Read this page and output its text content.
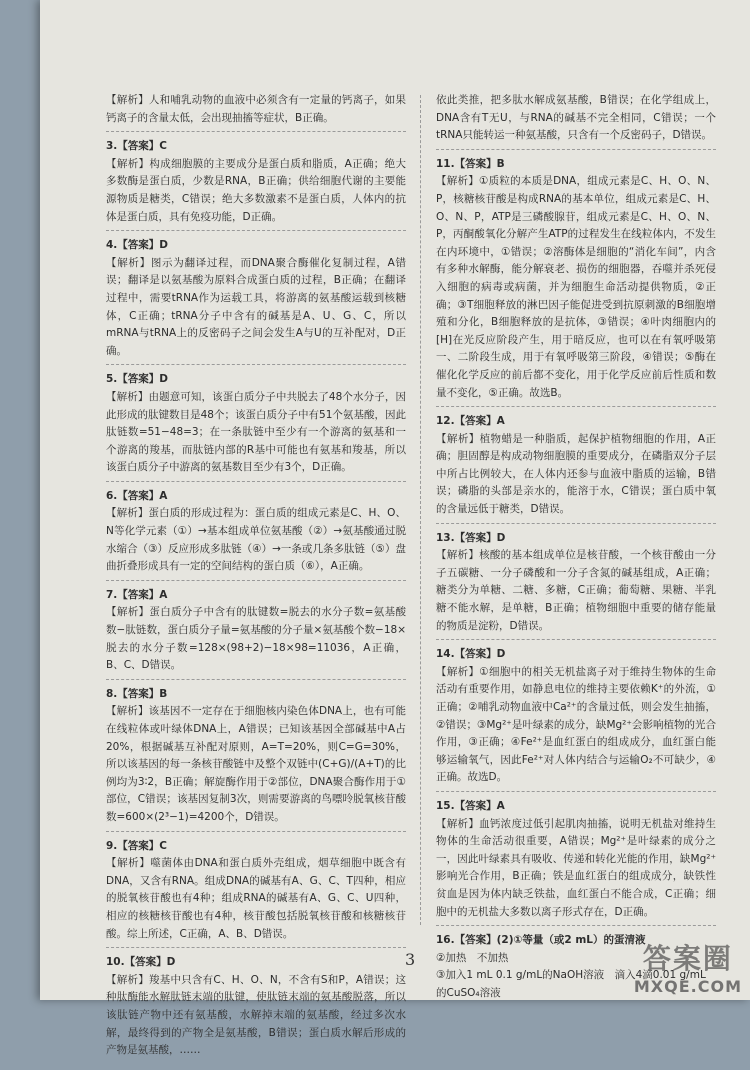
【解析】人和哺乳动物的血液中必须含有一定量的钙离子，如果钙离子的含量太低，会出现抽搐等症状，B正确。
3.【答案】C
【解析】构成细胞膜的主要成分是蛋白质和脂质，A正确；绝大多数酶是蛋白质，少数是RNA，B正确；供给细胞代谢的主要能源物质是糖类，C错误；绝大多数激素不是蛋白质，人体内的抗体是蛋白质，具有免疫功能，D正确。
4.【答案】D
【解析】图示为翻译过程，而DNA聚合酶催化复制过程，A错误；翻译是以氨基酸为原料合成蛋白质的过程，B正确；在翻译过程中，需要tRNA作为运载工具，将游离的氨基酸运载到核糖体，C正确；tRNA分子中含有的碱基是A、U、G、C，所以mRNA与tRNA上的反密码子之间会发生A与U的互补配对，D正确。
5.【答案】D
【解析】由题意可知，该蛋白质分子中共脱去了48个水分子，因此形成的肽键数目是48个；该蛋白质分子中有51个氨基酸，因此肽链数=51−48=3；在一条肽链中至少有一个游离的氨基和一个游离的羧基，而肽链内部的R基中可能也有氨基和羧基，所以该蛋白质分子中游离的氨基数目至少有3个，D正确。
6.【答案】A
【解析】蛋白质的形成过程为：蛋白质的组成元素是C、H、O、N等化学元素（①）→基本组成单位氨基酸（②）→氨基酸通过脱水缩合（③）反应形成多肽链（④）→一条或几条多肽链（⑤）盘曲折叠形成具有一定的空间结构的蛋白质（⑥），A正确。
7.【答案】A
【解析】蛋白质分子中含有的肽键数=脱去的水分子数=氨基酸数−肽链数，蛋白质分子量=氨基酸的分子量×氨基酸个数−18×脱去的水分子数=128×(98+2)−18×98=11036，A正确，B、C、D错误。
8.【答案】B
【解析】该基因不一定存在于细胞核内染色体DNA上，也有可能在线粒体或叶绿体DNA上，A错误；已知该基因全部碱基中A占20%，根据碱基互补配对原则，A=T=20%，则C=G=30%，所以该基因的每一条核苷酸链中及整个双链中(C+G)/(A+T)的比例均为3∶2，B正确；解旋酶作用于②部位，DNA聚合酶作用于①部位，C错误；该基因复制3次，则需要游离的鸟嘌呤脱氧核苷酸数=600×(2³−1)=4200个，D错误。
9.【答案】C
【解析】噬菌体由DNA和蛋白质外壳组成，烟草细胞中既含有DNA，又含有RNA。组成DNA的碱基有A、G、C、T四种，相应的脱氧核苷酸也有4种；组成RNA的碱基有A、G、C、U四种，相应的核糖核苷酸也有4种，核苷酸包括脱氧核苷酸和核糖核苷酸。综上所述，C正确，A、B、D错误。
10.【答案】D
【解析】羧基中只含有C、H、O、N，不含有S和P，A错误；这种肽酶能水解肽链末端的肽键，使肽链末端的氨基酸脱落，所以该肽链产物中还有氨基酸，水解掉末端的氨基酸，经过多次水解，最终得到的产物全是氨基酸，B错误；蛋白质水解后形成的产物是氨基酸，……
依此类推，把多肽水解成氨基酸，B错误；在化学组成上，DNA含有T无U，与RNA的碱基不完全相同，C错误；一个tRNA只能转运一种氨基酸，只含有一个反密码子，D错误。
11.【答案】B
【解析】①质粒的本质是DNA，组成元素是C、H、O、N、P，核糖核苷酸是构成RNA的基本单位，组成元素是C、H、O、N、P，ATP是三磷酸腺苷，组成元素是C、H、O、N、P，丙酮酸氧化分解产生ATP的过程发生在线粒体内，不发生在内环境中，①错误；②溶酶体是细胞的“消化车间”，内含有多种水解酶，能分解衰老、损伤的细胞器，吞噬并杀死侵入细胞的病毒或病菌，并为细胞生命活动提供物质，②正确；③T细胞释放的淋巴因子能促进受到抗原刺激的B细胞增殖和分化，B细胞释放的是抗体，③错误；④叶肉细胞内的[H]在光反应阶段产生，用于暗反应，也可以在有氧呼吸第一、二阶段生成，用于有氧呼吸第三阶段，④错误；⑤酶在催化化学反应的前后都不变化，用于化学反应前后性质和数量不变化，⑤正确。故选B。
12.【答案】A
【解析】植物蜡是一种脂质，起保护植物细胞的作用，A正确；胆固醇是构成动物细胞膜的重要成分，在磷脂双分子层中所占比例较大，在人体内还参与血液中脂质的运输，B错误；磷脂的头部是亲水的，能溶于水，C错误；蛋白质中氧的含量远低于糖类，D错误。
13.【答案】D
【解析】核酸的基本组成单位是核苷酸，一个核苷酸由一分子五碳糖、一分子磷酸和一分子含氮的碱基组成，A正确；糖类分为单糖、二糖、多糖，C正确；葡萄糖、果糖、半乳糖不能水解，是单糖，B正确；植物细胞中重要的储存能量的物质是淀粉，D错误。
14.【答案】D
【解析】①细胞中的相关无机盐离子对于维持生物体的生命活动有重要作用，如静息电位的维持主要依赖K⁺的外流，①正确；②哺乳动物血液中Ca²⁺的含量过低，则会发生抽搐，②错误；③Mg²⁺是叶绿素的成分，缺Mg²⁺会影响植物的光合作用，③正确；④Fe²⁺是血红蛋白的组成成分，血红蛋白能够运输氧气，因此Fe²⁺对人体内结合与运输O₂不可缺少，④正确。故选D。
15.【答案】A
【解析】血钙浓度过低引起肌肉抽搐，说明无机盐对维持生物体的生命活动很重要，A错误；Mg²⁺是叶绿素的成分之一，因此叶绿素具有吸收、传递和转化光能的作用，缺Mg²⁺影响光合作用，B正确；铁是血红蛋白的组成成分，缺铁性贫血是因为体内缺乏铁盐，血红蛋白不能合成，C正确；细胞中的无机盐大多数以离子形式存在，D正确。
16.【答案】(2)①等量（或2 mL）的蛋清液
②加热　不加热
③加入1 mL 0.1 g/mL的NaOH溶液　滴入4滴0.01 g/mL的CuSO₄溶液
3	答案圈
MXQE.COM
